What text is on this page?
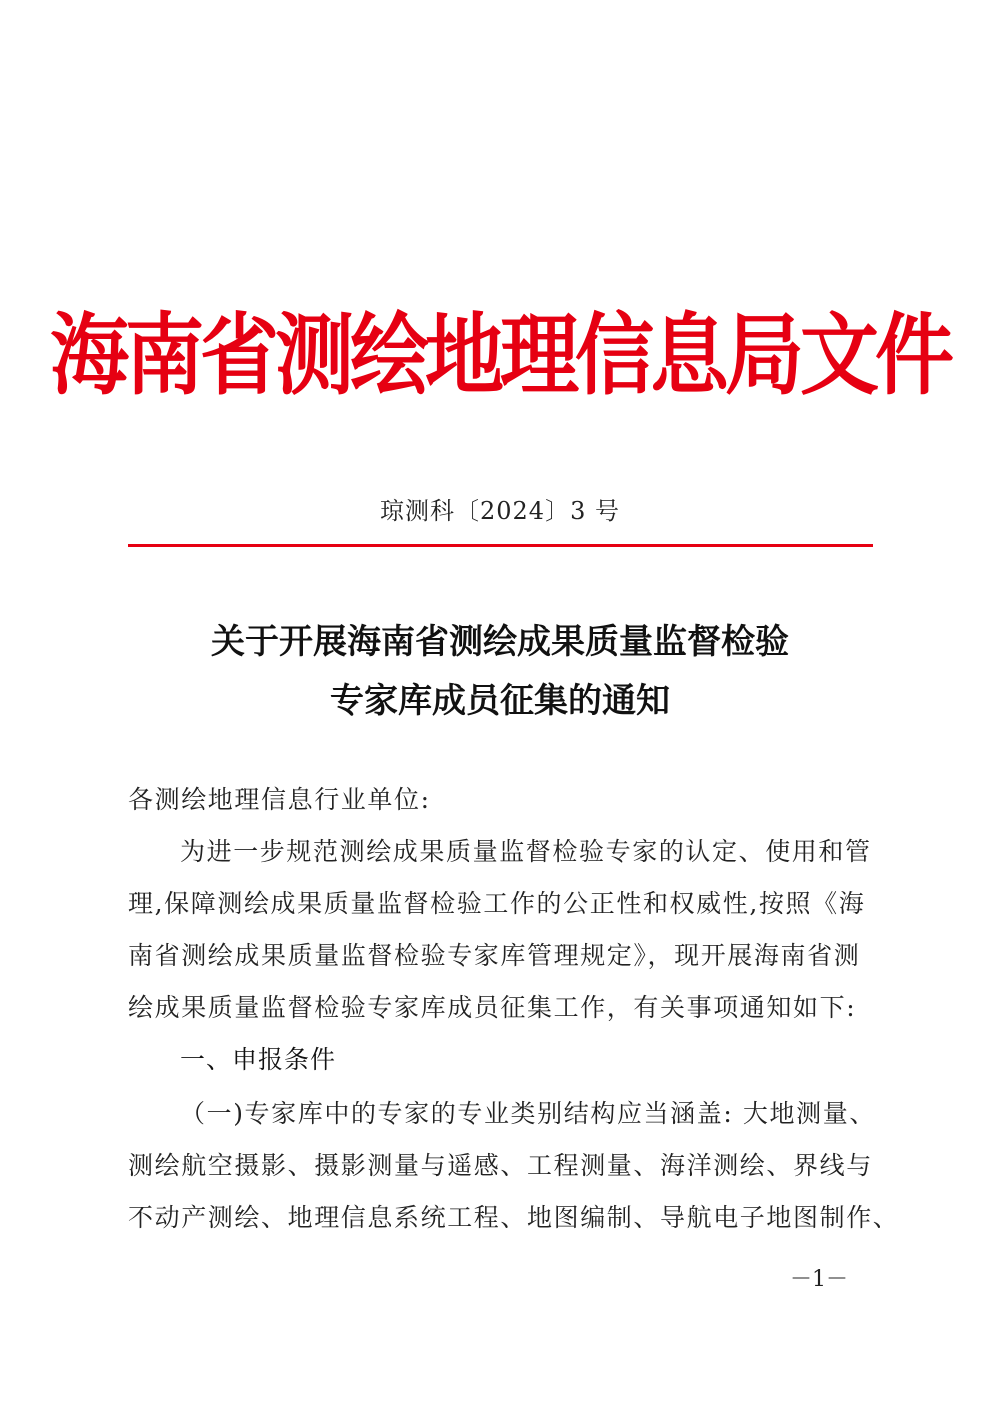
海南省测绘地理信息局文件
琼测科〔2024〕3 号
关于开展海南省测绘成果质量监督检验
专家库成员征集的通知
各测绘地理信息行业单位:
为进一步规范测绘成果质量监督检验专家的认定、使用和管
理,保障测绘成果质量监督检验工作的公正性和权威性,按照《海
南省测绘成果质量监督检验专家库管理规定》，现开展海南省测
绘成果质量监督检验专家库成员征集工作，有关事项通知如下:
一、申报条件
（一)专家库中的专家的专业类别结构应当涵盖: 大地测量、
测绘航空摄影、摄影测量与遥感、工程测量、海洋测绘、界线与
不动产测绘、地理信息系统工程、地图编制、导航电子地图制作、
－1－
